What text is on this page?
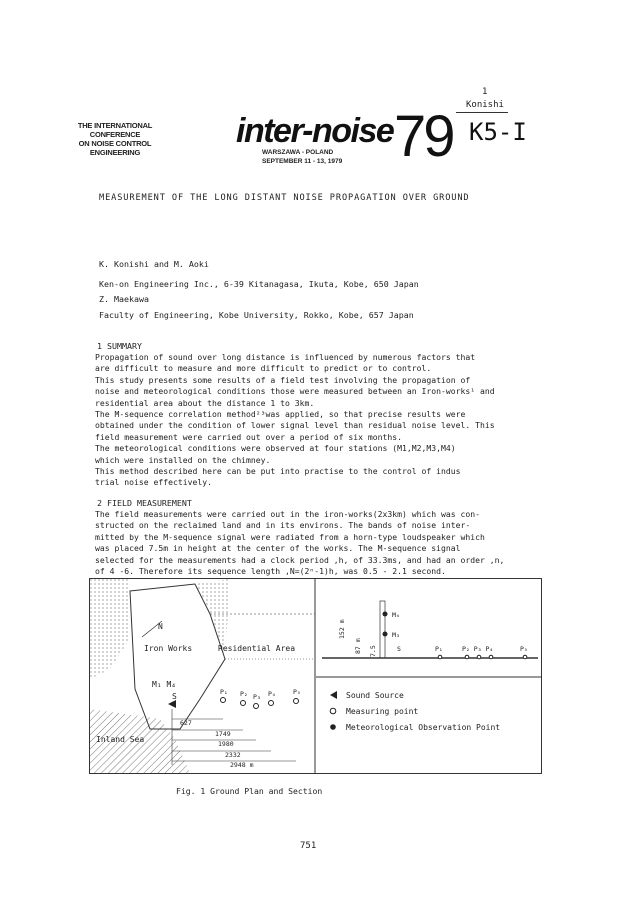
1
Konishi
THE INTERNATIONAL
CONFERENCE
ON NOISE CONTROL
ENGINEERING
inter-noise
WARSZAWA - POLAND
SEPTEMBER 11 - 13, 1979 79 K5-I
MEASUREMENT OF THE LONG DISTANT NOISE PROPAGATION OVER GROUND
K. Konishi and M. Aoki
Ken-on Engineering Inc., 6-39 Kitanagasa, Ikuta, Kobe, 650 Japan
Z. Maekawa
Faculty of Engineering, Kobe University, Rokko, Kobe, 657 Japan
1 SUMMARY

Propagation of sound over long distance is influenced by numerous factors that

are difficult to measure and more difficult to predict or to control.

This study presents some results of a field test involving the propagation of

noise and meteorological conditions those were measured between an Iron-works¹ and

residential area about the distance 1 to 3km.

The M-sequence correlation method²³was applied, so that precise results were

obtained under the condition of lower signal level than residual noise level. This

field measurement were carried out over a period of six months.

The meteorological conditions were observed at four stations (M1,M2,M3,M4)

which were installed on the chimney.

This method described here can be put into practise to the control of indus

trial noise effectively.

2 FIELD MEASUREMENT

The field measurements were carried out in the iron-works(2x3km) which was con-

structed on the reclaimed land and in its environs. The bands of noise inter-

mitted by the M-sequence signal were radiated from a horn-type loudspeaker which

was placed 7.5m in height at the center of the works. The M-sequence signal

selected for the measurements had a clock period ,h, of 33.3ms, and had an order ,n,

of 4 -6. Therefore its sequence length ,N=(2ⁿ-1)h, was 0.5 - 2.1 second.

Iron Works	Residential Area
Inland Sea
N
M₁ M₄
S	P₁ P₂ P₃ P₄	P₅
627
1749
1980
2332
2948 m
M₄
M₃
152 m
87 m 7.5	S	P₁	P₂ P₃ P₄	P₅
Sound Source
Measuring point
Meteorological Observation Point
Fig. 1 Ground Plan and Section
751
